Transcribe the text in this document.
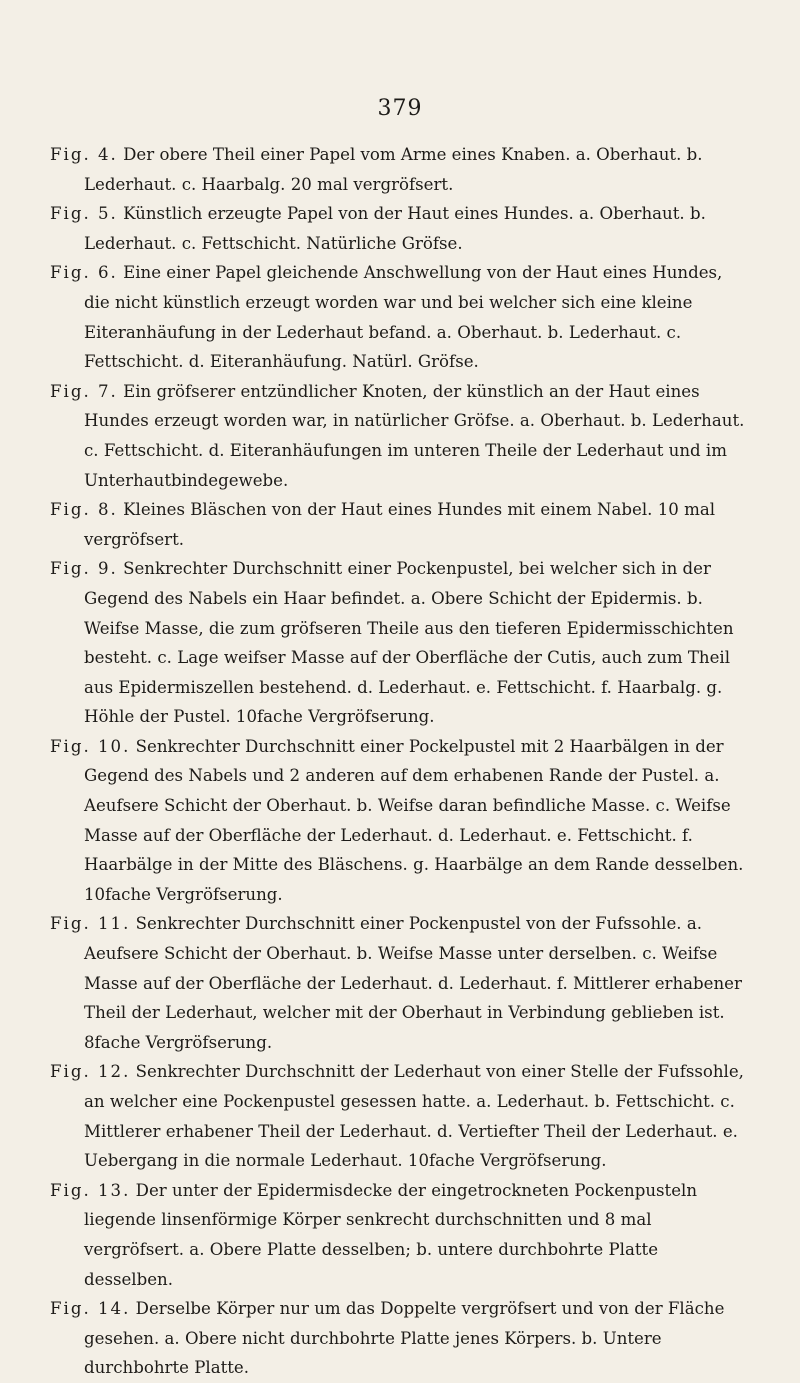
379

Fig. 4. Der obere Theil einer Papel vom Arme eines Knaben. a. Oberhaut. b. Lederhaut. c. Haarbalg. 20 mal vergröfsert.

Fig. 5. Künstlich erzeugte Papel von der Haut eines Hundes. a. Oberhaut. b. Lederhaut. c. Fettschicht. Natürliche Gröfse.

Fig. 6. Eine einer Papel gleichende Anschwellung von der Haut eines Hundes, die nicht künstlich erzeugt worden war und bei welcher sich eine kleine Eiteranhäufung in der Lederhaut befand. a. Oberhaut. b. Lederhaut. c. Fettschicht. d. Eiteranhäufung. Natürl. Gröfse.

Fig. 7. Ein gröfserer entzündlicher Knoten, der künstlich an der Haut eines Hundes erzeugt worden war, in natürlicher Gröfse. a. Oberhaut. b. Lederhaut. c. Fettschicht. d. Eiteranhäufungen im unteren Theile der Lederhaut und im Unterhautbindegewebe.

Fig. 8. Kleines Bläschen von der Haut eines Hundes mit einem Nabel. 10 mal vergröfsert.

Fig. 9. Senkrechter Durchschnitt einer Pockenpustel, bei welcher sich in der Gegend des Nabels ein Haar befindet. a. Obere Schicht der Epidermis. b. Weifse Masse, die zum gröfseren Theile aus den tieferen Epidermisschichten besteht. c. Lage weifser Masse auf der Oberfläche der Cutis, auch zum Theil aus Epidermiszellen bestehend. d. Lederhaut. e. Fettschicht. f. Haarbalg. g. Höhle der Pustel. 10fache Vergröfserung.

Fig. 10. Senkrechter Durchschnitt einer Pockelpustel mit 2 Haarbälgen in der Gegend des Nabels und 2 anderen auf dem erhabenen Rande der Pustel. a. Aeufsere Schicht der Oberhaut. b. Weifse daran befindliche Masse. c. Weifse Masse auf der Oberfläche der Lederhaut. d. Lederhaut. e. Fettschicht. f. Haarbälge in der Mitte des Bläschens. g. Haarbälge an dem Rande desselben. 10fache Vergröfserung.

Fig. 11. Senkrechter Durchschnitt einer Pockenpustel von der Fufssohle. a. Aeufsere Schicht der Oberhaut. b. Weifse Masse unter derselben. c. Weifse Masse auf der Oberfläche der Lederhaut. d. Lederhaut. f. Mittlerer erhabener Theil der Lederhaut, welcher mit der Oberhaut in Verbindung geblieben ist. 8fache Vergröfserung.

Fig. 12. Senkrechter Durchschnitt der Lederhaut von einer Stelle der Fufssohle, an welcher eine Pockenpustel gesessen hatte. a. Lederhaut. b. Fettschicht. c. Mittlerer erhabener Theil der Lederhaut. d. Vertiefter Theil der Lederhaut. e. Uebergang in die normale Lederhaut. 10fache Vergröfserung.

Fig. 13. Der unter der Epidermisdecke der eingetrockneten Pockenpusteln liegende linsenförmige Körper senkrecht durchschnitten und 8 mal vergröfsert. a. Obere Platte desselben; b. untere durchbohrte Platte desselben.

Fig. 14. Derselbe Körper nur um das Doppelte vergröfsert und von der Fläche gesehen. a. Obere nicht durchbohrte Platte jenes Körpers. b. Untere durchbohrte Platte.
